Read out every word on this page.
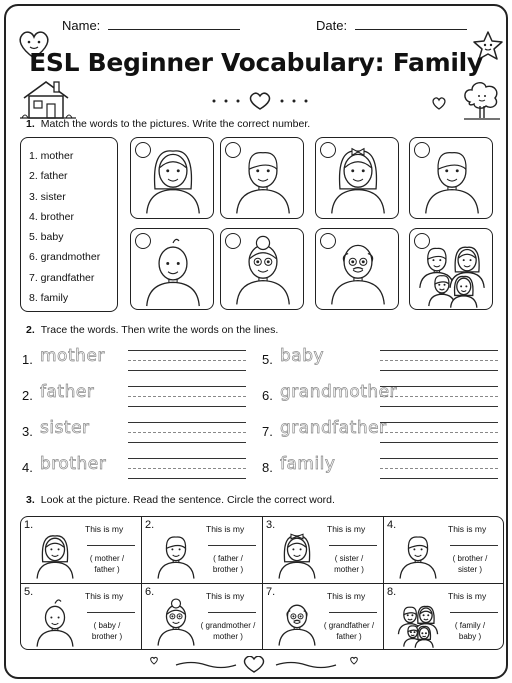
Name:	Date:
ESL Beginner Vocabulary: Family
1. Match the words to the pictures. Write the correct number.
1. mother
2. father
3. sister
4. brother
5. baby
6. grandmother
7. grandfather
8. family
2. Trace the words. Then write the words on the lines.
1. mother
2. father
3. sister
4. brother
5. baby
6. grandmother
7. grandfather
8. family
3. Look at the picture. Read the sentence. Circle the correct word.
1.	This is my
( mother /
father )
2.	This is my
( father /
brother )
3.	This is my
( sister /
mother )
4.	This is my
( brother /
sister )
5.	This is my
( baby /
brother )
6.	This is my
( grandmother /
mother )
7.	This is my
( grandfather /
father )
8.	This is my
( family /
baby )
